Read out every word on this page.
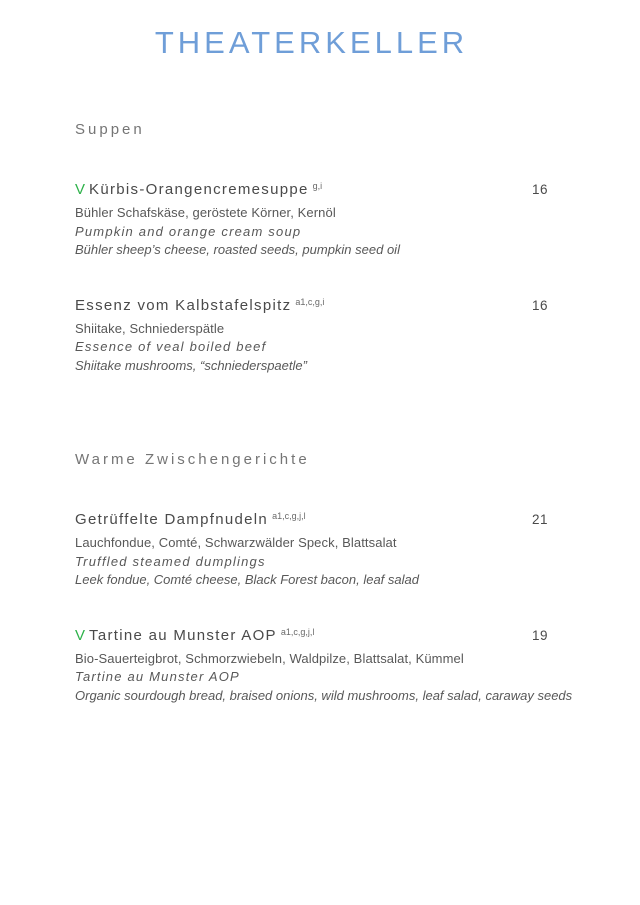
THEATERKELLER
Suppen
V Kürbis-Orangencremesuppe $^{g,i}$	16
Bühler Schafskäse, geröstete Körner, Kernöl
Pumpkin and orange cream soup
Bühler sheep’s cheese, roasted seeds, pumpkin seed oil
Essenz vom Kalbstafelspitz $^{a1,c,g,i}$	16
Shiitake, Schniederspätle
Essence of veal boiled beef
Shiitake mushrooms, “schniederspaetle”
Warme Zwischengerichte
Getrüffelte Dampfnudeln $^{a1,c,g,j,l}$	21
Lauchfondue, Comté, Schwarzwälder Speck, Blattsalat
Truffled steamed dumplings
Leek fondue, Comté cheese, Black Forest bacon, leaf salad
V Tartine au Munster AOP $^{a1,c,g,j,l}$	19
Bio-Sauerteigbrot, Schmorzwiebeln, Waldpilze, Blattsalat, Kümmel
Tartine au Munster AOP
Organic sourdough bread, braised onions, wild mushrooms, leaf salad, caraway seeds
